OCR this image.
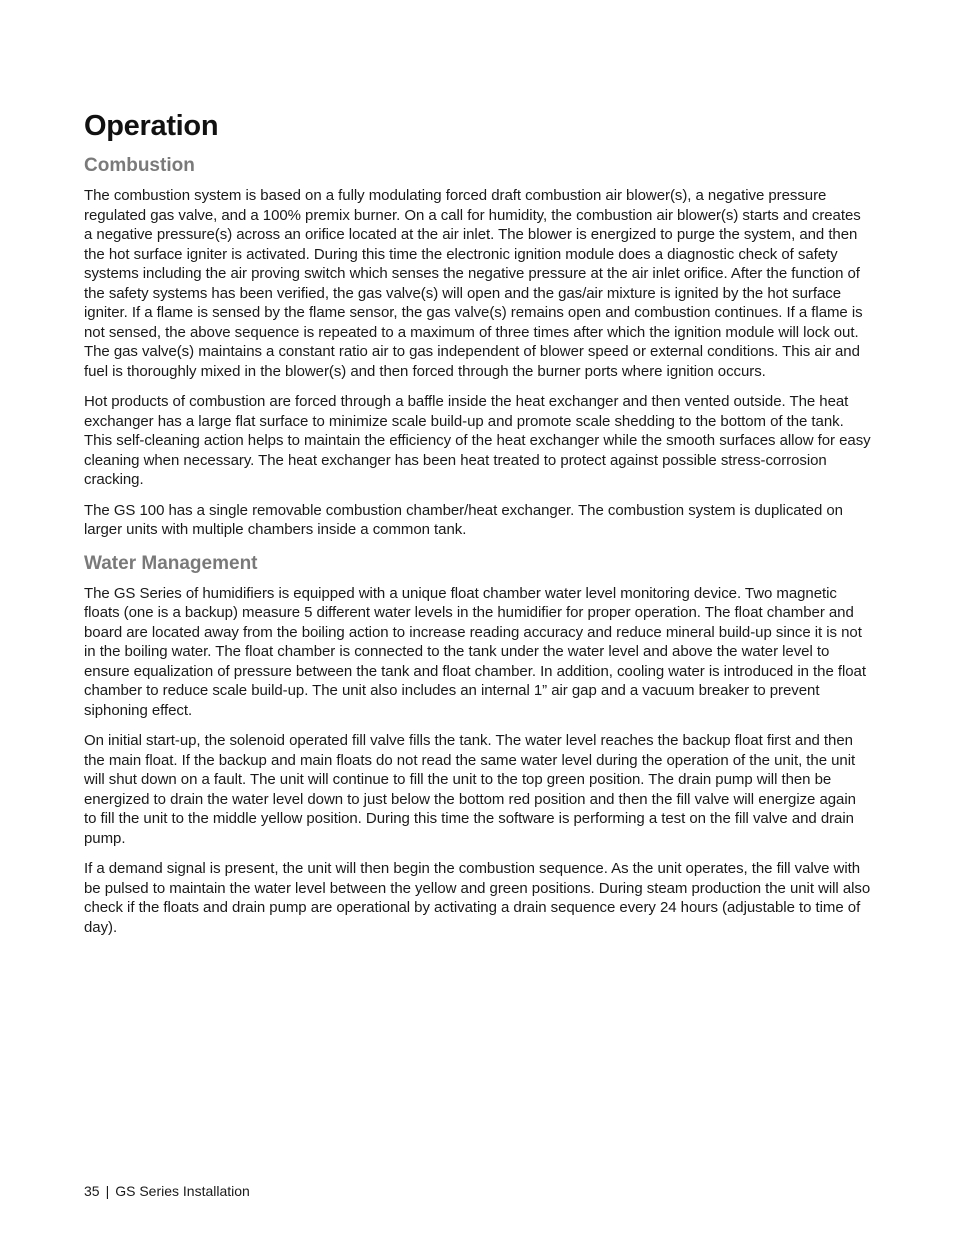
Operation
Combustion

The combustion system is based on a fully modulating forced draft combustion air blower(s), a negative pressure regulated gas valve, and a 100% premix burner. On a call for humidity, the combustion air blower(s) starts and creates a negative pressure(s) across an orifice located at the air inlet. The blower is energized to purge the system, and then the hot surface igniter is activated. During this time the electronic ignition module does a diagnostic check of safety systems including the air proving switch which senses the negative pressure at the air inlet orifice. After the function of the safety systems has been verified, the gas valve(s) will open and the gas/air mixture is ignited by the hot surface igniter. If a flame is sensed by the flame sensor, the gas valve(s) remains open and combustion continues. If a flame is not sensed, the above sequence is repeated to a maximum of three times after which the ignition module will lock out. The gas valve(s) maintains a constant ratio air to gas independent of blower speed or external conditions. This air and fuel is thoroughly mixed in the blower(s) and then forced through the burner ports where ignition occurs.

Hot products of combustion are forced through a baffle inside the heat exchanger and then vented outside. The heat exchanger has a large flat surface to minimize scale build-up and promote scale shedding to the bottom of the tank. This self-cleaning action helps to maintain the efficiency of the heat exchanger while the smooth surfaces allow for easy cleaning when necessary. The heat exchanger has been heat treated to protect against possible stress-corrosion cracking.

The GS 100 has a single removable combustion chamber/heat exchanger. The combustion system is duplicated on larger units with multiple chambers inside a common tank.

Water Management

The GS Series of humidifiers is equipped with a unique float chamber water level monitoring device. Two magnetic floats (one is a backup) measure 5 different water levels in the humidifier for proper operation. The float chamber and board are located away from the boiling action to increase reading accuracy and reduce mineral build-up since it is not in the boiling water. The float chamber is connected to the tank under the water level and above the water level to ensure equalization of pressure between the tank and float chamber. In addition, cooling water is introduced in the float chamber to reduce scale build-up. The unit also includes an internal 1” air gap and a vacuum breaker to prevent siphoning effect.

On initial start-up, the solenoid operated fill valve fills the tank. The water level reaches the backup float first and then the main float. If the backup and main floats do not read the same water level during the operation of the unit, the unit will shut down on a fault. The unit will continue to fill the unit to the top green position. The drain pump will then be energized to drain the water level down to just below the bottom red position and then the fill valve will energize again to fill the unit to the middle yellow position. During this time the software is performing a test on the fill valve and drain pump.

If a demand signal is present, the unit will then begin the combustion sequence. As the unit operates, the fill valve with be pulsed to maintain the water level between the yellow and green positions. During steam production the unit will also check if the floats and drain pump are operational by activating a drain sequence every 24 hours (adjustable to time of day).

35 | GS Series Installation
